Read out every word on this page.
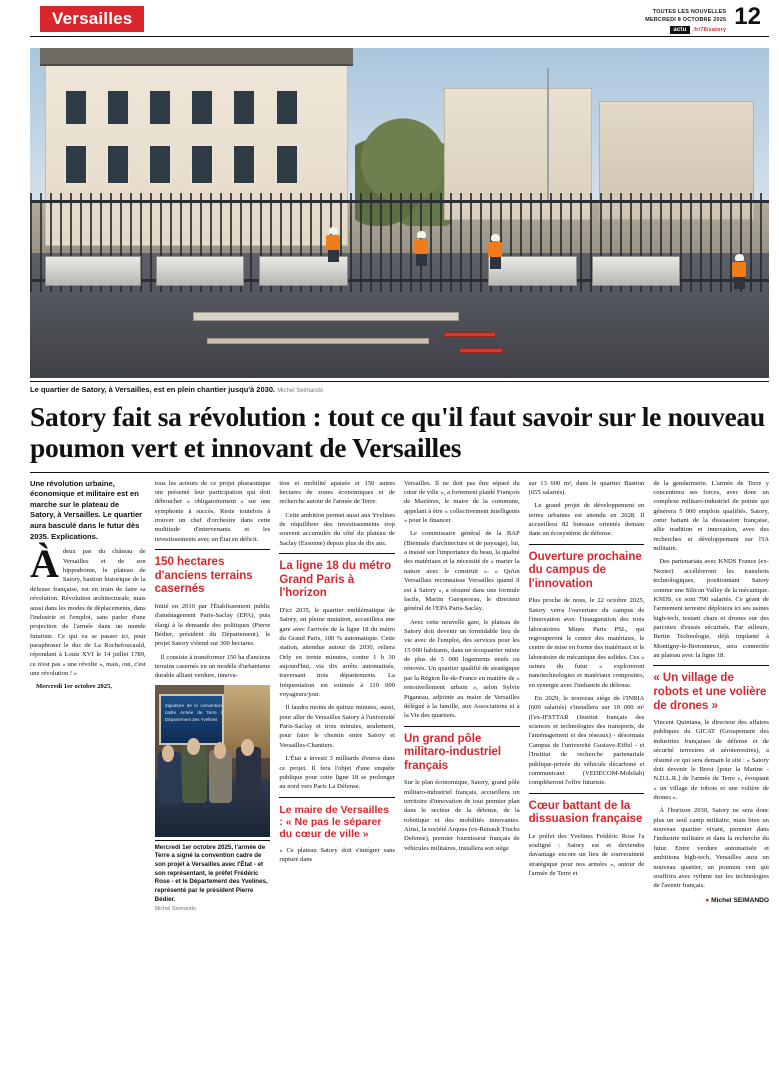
Versailles	TOUTES LES NOUVELLES
MERCREDI 8 OCTOBRE 2025
actu	.fr/78/satory 12
Le quartier de Satory, à Versailles, est en plein chantier jusqu'à 2030. Michel Seimando
Satory fait sa révolution : tout ce qu'il faut savoir sur le nouveau poumon vert et innovant de Versailles
Une révolution urbaine, économique et militaire est en marche sur le plateau de Satory, à Versailles. Le quartier aura basculé dans le futur dès 2035. Explications.
À deux pas du château de Versailles et de son hippodrome, le plateau de Satory, bastion historique de la défense française, est en train de faire sa révolution. Révolution architecturale, mais aussi dans les modes de déplacements, dans l'industrie et l'emploi, sans parler d'une projection de l'armée dans un monde futuriste. Ce qui va se passer ici, pour paraphraser le duc de La Rochefoucauld, répondant à Louis XVI le 14 juillet 1789, ce n'est pas « une révolte », mais, oui, c'est une révolution ! »

Mercredi 1er octobre 2025,

tous les acteurs de ce projet pharaonique ont présenté leur participation qui doit déboucher « obligatoirement » sur une symphonie à succès. Reste toutefois à trouver un chef d'orchestre dans cette multitude d'intervenants et les investissements avec un État en déficit.

150 hectares d'anciens terrains casernés

Initié en 2010 par l'Établissement public d'aménagement Paris-Saclay (EPA), puis élargi à la demande des politiques (Pierre Bédier, président du Département), le projet Satory s'étend sur 300 hectares.

Il consiste à transformer 150 ha d'anciens terrains casernés en un modèle d'urbanisme durable alliant verdure, innova-

Signature de la convention cadre Armée de Terre / Département des Yvelines
Mercredi 1er octobre 2025, l'armée de Terre a signé la convention cadre de son projet à Versailles avec l'État - et son représentant, le préfet Frédéric Rose - et le Département des Yvelines, représenté par le président Pierre Bédier.
Michel Seimando

tion et mobilité apaisée et 150 autres hectares de zones économiques et de recherche autour de l'armée de Terre.

Cette ambition permet aussi aux Yvelines de réquilibrer des investissements trop souvent accumulés du côté du plateau de Saclay (Essonne) depuis plus de dix ans.

La ligne 18 du métro Grand Paris à l'horizon

D'ici 2035, le quartier emblématique de Satory, en pleine mutation, accueillera une gare avec l'arrivée de la ligne 18 du métro du Grand Paris, 100 % automatique. Cette station, attendue autour de 2030, reliera Orly en trente minutes, contre 1 h 30 aujourd'hui, via dix arrêts automatisés, traversant trois départements. La fréquentation est estimée à 110 000 voyageurs/jour.

Il faudra moins de quinze minutes, aussi, pour aller de Versailles Satory à l'université Paris-Saclay et trois minutes, seulement, pour faire le chemin entre Satory et Versailles-Chantiers.

L'État a investi 3 milliards d'euros dans ce projet. Il fera l'objet d'une enquête publique pour cette ligne 18 se prolonger au nord vers Paris La Défense.

Le maire de Versailles : « Ne pas le séparer du cœur de ville »

« Ce plateau Satory doit s'intégrer sans rupture dans

Versailles. Il ne doit pas être séparé du cœur de ville », a fortement plaidé François de Mazières, le maire de la commune, appelant à être « collectivement intelligents » pour le financer.

Le commissaire général de la BAP (Biennale d'architecture et de paysage), lui, a insisté sur l'importance du beau, la qualité des matériaux et la nécessité de « marier la nature avec le construit ». « Qu'un Versaillais reconnaisse Versailles quand il est à Satory », a résumé dans une formule facile, Martin Guespereau, le directeur général de l'EPA Paris-Saclay.

Avec cette nouvelle gare, le plateau de Satory doit devenir un formidable lieu de vie avec de l'emploi, des services pour les 15 000 habitants, dans un écoquartier mixte de plus de 5 000 logements neufs ou rénovés. Un quartier qualifié de stratégique par la Région Île-de-France en matière de « renouvellement urbain », selon Sylvie Piganeau, adjointe au maire de Versailles délégué à la famille, aux Associations et à la Vie des quartiers.

Un grand pôle militaro-industriel français

Sur le plan économique, Satory, grand pôle militaro-industriel français, accueillera un territoire d'innovation de tout premier plan dans le secteur de la défense, de la robotique et des mobilités innovantes. Ainsi, la société Arquus (ex-Renault Trucks Defense), premier fournisseur français de véhicules militaires, installera son siège

sur 13 600 m², dans le quartier Bastion (655 salariés).

Le grand projet de développement en terres urbaines est attendu en 2028. Il accueillera 82 bureaux orientés demain dans un écosystème de défense.

Ouverture prochaine du campus de l'innovation

Plus proche de nous, le 22 octobre 2025, Satory verra l'ouverture du campus de l'innovation avec l'inauguration des trois laboratoires Mines Paris PSL, qui regrouperont le centre des matériaux, le centre de mise en forme des matériaux et le laboratoire de mécanique des solides. Ces « usines du futur » exploreront nanotechnologies et matériaux composites, en synergie avec l'industrie de défense.

En 2029, le nouveau siège de l'INRIA (600 salariés) s'installera sur 10 000 m² (l'ex-IFSTTAR (Institut français des sciences et technologies des transports, de l'aménagement et des réseaux) - désormais Campus de l'université Gustave-Eiffel - et l'Institut de recherche partenariale publique-privée du véhicule décarboné et communicant (VEDECOM-Mobilab) compléteront l'offre futuriste.

Cœur battant de la dissuasion française

Le préfet des Yvelines Frédéric Rose l'a souligné : Satory est et deviendra davantage encore un lieu de souveraineté stratégique pour nos armées », autour de l'armée de Terre et

de la gendarmerie. L'armée de Terre y concentrera ses forces, avec donc un complexe militaro-industriel de pointe qui générera 5 000 emplois qualifiés. Satory, cœur battant de la dissuasion française, allie tradition et innovation, avec des recherches et développement sur l'IA militaire.

Des partenariats avec KNDS France (ex-Nexter) accéléreront les transferts technologiques, positionnant Satory comme une Silicon Valley de la mécanique. KNDS, ce sont 790 salariés. Ce géant de l'armement terrestre déploiera ici ses usines high-tech, testant chars et drones sur des parcours d'essais sécurisés. Par ailleurs, Bertin Technologie, déjà implanté à Montigny-le-Bretonneux, sera connectée au plateau avec la ligne 18.

« Un village de robots et une volière de drones »

Vincent Quintana, le directeur des affaires publiques du GICAT (Groupement des industries françaises de défense et de sécurité terrestres et aéroterrestres), a résumé ce qui sera demain le site : « Satory doit devenir le Brest [pour la Marine - N.D.L.R.] de l'armée de Terre », évoquant « un village de robots et une volière de drones ».

À l'horizon 2030, Satory ne sera donc plus un seul camp militaire, mais bien un nouveau quartier vivant, pionnier dans l'industrie militaire et dans la recherche du futur. Entre verdure automatisée et ambitions high-tech, Versailles aura un nouveau quartier, un poumon vert qui souffrira avec rythme sur les technologies de l'avenir français.

● Michel SEIMANDO
